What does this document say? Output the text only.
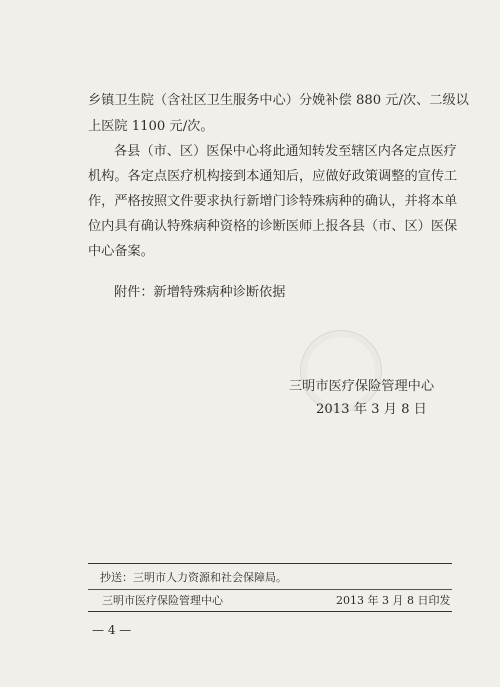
乡镇卫生院（含社区卫生服务中心）分娩补偿 880 元/次、二级以
上医院 1100 元/次。
各县（市、区）医保中心将此通知转发至辖区内各定点医疗
机构。各定点医疗机构接到本通知后，应做好政策调整的宣传工
作，严格按照文件要求执行新增门诊特殊病种的确认，并将本单
位内具有确认特殊病种资格的诊断医师上报各县（市、区）医保
中心备案。
附件：新增特殊病种诊断依据
三明市医疗保险管理中心
2013 年 3 月 8 日
抄送：三明市人力资源和社会保障局。
三明市医疗保险管理中心	2013 年 3 月 8 日印发
— 4 —
